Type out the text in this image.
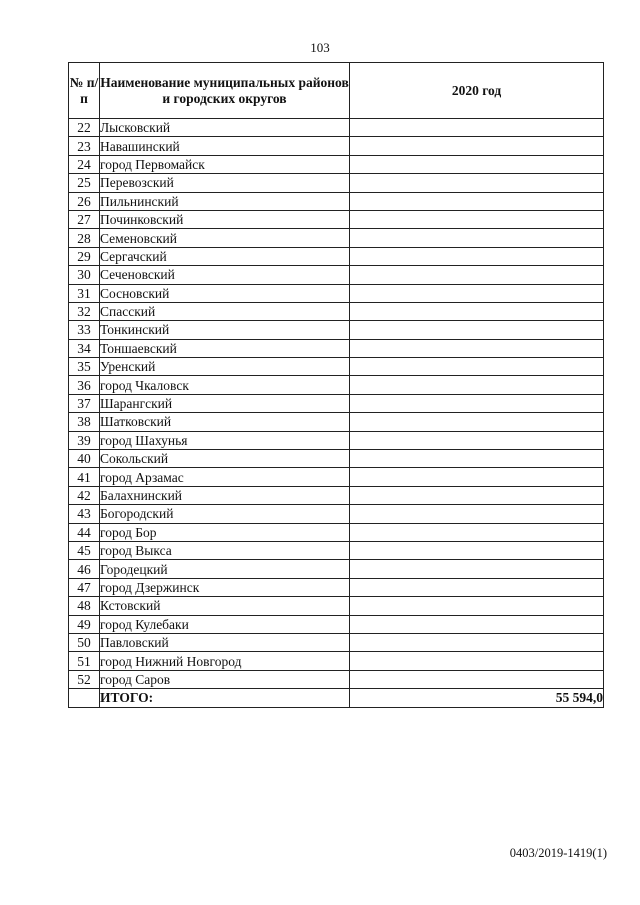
103
№ п/п	Наименование муниципальных районов и городских округов	2020 год
22	Лысковский	
23	Навашинский	
24	город Первомайск	
25	Перевозский	
26	Пильнинский	
27	Починковский	
28	Семеновский	
29	Сергачский	
30	Сеченовский	
31	Сосновский	
32	Спасский	
33	Тонкинский	
34	Тоншаевский	
35	Уренский	
36	город Чкаловск	
37	Шарангский	
38	Шатковский	
39	город Шахунья	
40	Сокольский	
41	город Арзамас	
42	Балахнинский	
43	Богородский	
44	город Бор	
45	город Выкса	
46	Городецкий	
47	город Дзержинск	
48	Кстовский	
49	город Кулебаки	
50	Павловский	
51	город Нижний Новгород	
52	город Саров	
	ИТОГО:	55 594,0
0403/2019-1419(1)
